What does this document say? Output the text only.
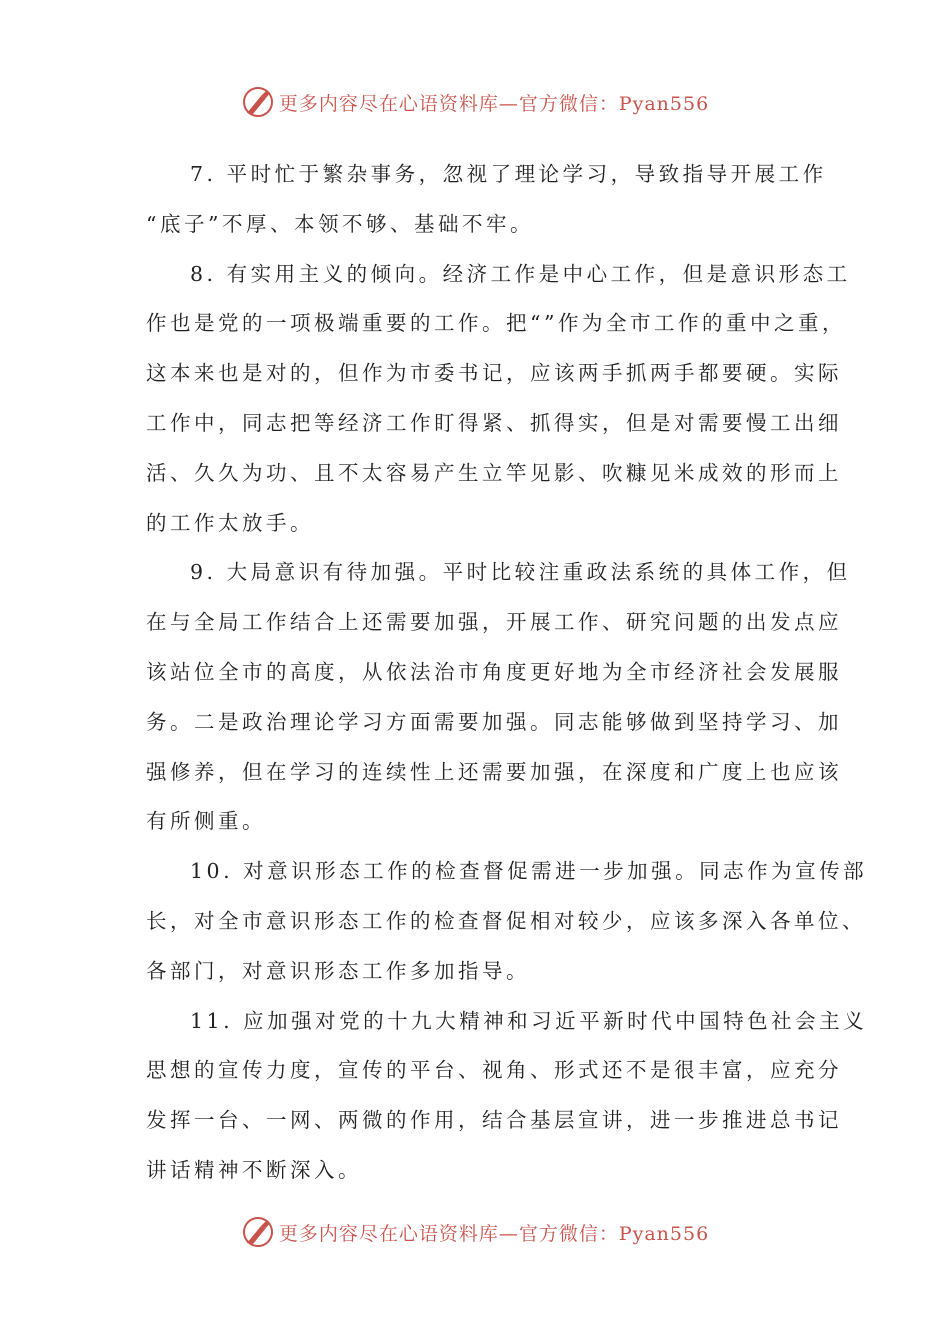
更多内容尽在心语资料库—官方微信：Pyan556

7. 平时忙于繁杂事务，忽视了理论学习，导致指导开展工作
“底子”不厚、本领不够、基础不牢。

8. 有实用主义的倾向。经济工作是中心工作，但是意识形态工
作也是党的一项极端重要的工作。把“”作为全市工作的重中之重，
这本来也是对的，但作为市委书记，应该两手抓两手都要硬。实际
工作中，同志把等经济工作盯得紧、抓得实，但是对需要慢工出细
活、久久为功、且不太容易产生立竿见影、吹糠见米成效的形而上
的工作太放手。

9. 大局意识有待加强。平时比较注重政法系统的具体工作，但
在与全局工作结合上还需要加强，开展工作、研究问题的出发点应
该站位全市的高度，从依法治市角度更好地为全市经济社会发展服
务。二是政治理论学习方面需要加强。同志能够做到坚持学习、加
强修养，但在学习的连续性上还需要加强，在深度和广度上也应该
有所侧重。

10. 对意识形态工作的检查督促需进一步加强。同志作为宣传部
长，对全市意识形态工作的检查督促相对较少，应该多深入各单位、
各部门，对意识形态工作多加指导。

11. 应加强对党的十九大精神和习近平新时代中国特色社会主义
思想的宣传力度，宣传的平台、视角、形式还不是很丰富，应充分
发挥一台、一网、两微的作用，结合基层宣讲，进一步推进总书记
讲话精神不断深入。

更多内容尽在心语资料库—官方微信：Pyan556
